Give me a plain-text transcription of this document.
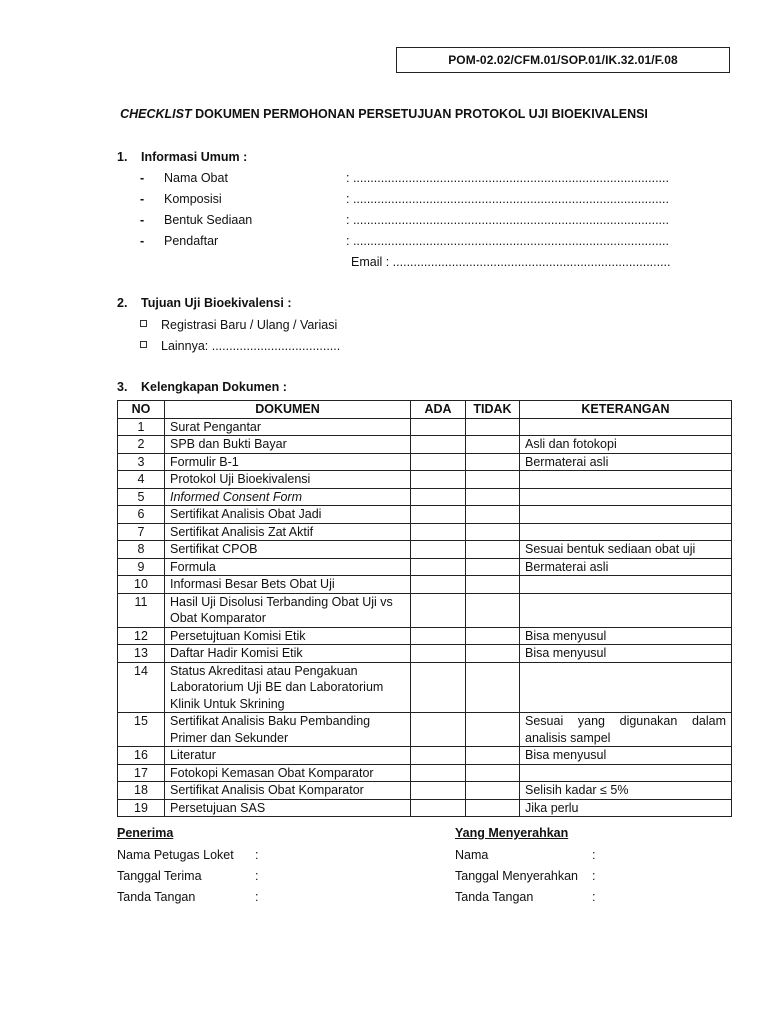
POM-02.02/CFM.01/SOP.01/IK.32.01/F.08
CHECKLIST DOKUMEN PERMOHONAN PERSETUJUAN PROTOKOL UJI BIOEKIVALENSI
1. Informasi Umum :
- Nama Obat	: ...........................................................................................
- Komposisi	: ...........................................................................................
- Bentuk Sediaan	: ...........................................................................................
- Pendaftar	: ...........................................................................................
Email : ................................................................................
2. Tujuan Uji Bioekivalensi :
Registrasi Baru / Ulang / Variasi
Lainnya: .....................................
3. Kelengkapan Dokumen :
NO	DOKUMEN	ADA	TIDAK	KETERANGAN
1	Surat Pengantar			
2	SPB dan Bukti Bayar			Asli dan fotokopi
3	Formulir B-1			Bermaterai asli
4	Protokol Uji Bioekivalensi			
5	Informed Consent Form			
6	Sertifikat Analisis Obat Jadi			
7	Sertifikat Analisis Zat Aktif			
8	Sertifikat CPOB			Sesuai bentuk sediaan obat uji
9	Formula			Bermaterai asli
10	Informasi Besar Bets Obat Uji			
11	Hasil Uji Disolusi Terbanding Obat Uji vs Obat Komparator			
12	Persetujtuan Komisi Etik			Bisa menyusul
13	Daftar Hadir Komisi Etik			Bisa menyusul
14	Status Akreditasi atau Pengakuan Laboratorium Uji BE dan Laboratorium Klinik Untuk Skrining			
15	Sertifikat Analisis Baku Pembanding Primer dan Sekunder			Sesuai yang digunakan dalam analisis sampel
16	Literatur			Bisa menyusul
17	Fotokopi Kemasan Obat Komparator			
18	Sertifikat Analisis Obat Komparator			Selisih kadar ≤ 5%
19	Persetujuan SAS			Jika perlu
Penerima	Yang Menyerahkan
Nama Petugas Loket :
Tanggal Terima	:
Tanda Tangan	:
Nama	:
Tanggal Menyerahkan :
Tanda Tangan	:
